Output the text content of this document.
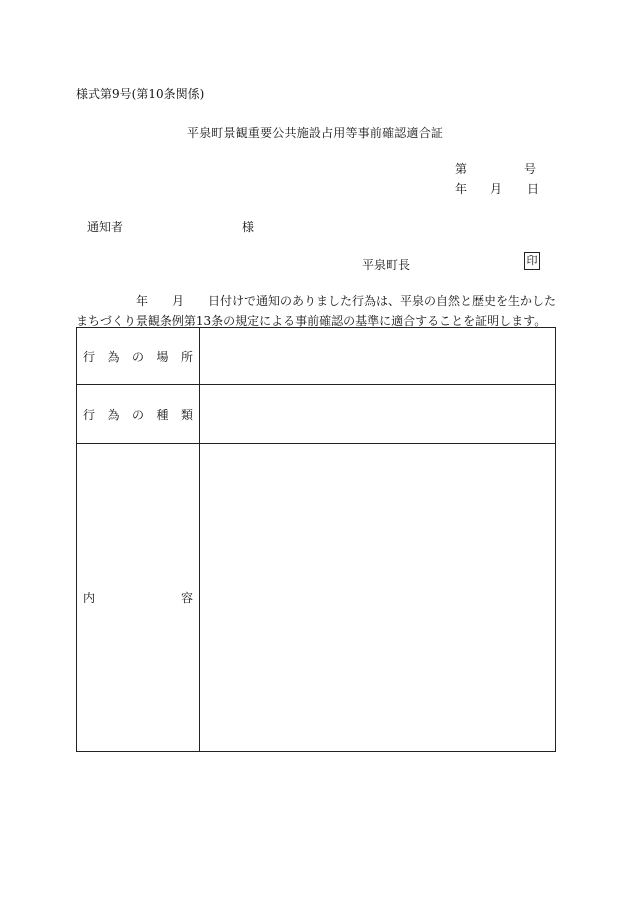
様式第9号(第10条関係)
平泉町景観重要公共施設占用等事前確認適合証
第	号
年 月 日
通知者	様
平泉町長	印
年 月 日付けで通知のありました行為は、平泉の自然と歴史を生かした
まちづくり景観条例第13条の規定による事前確認の基準に適合することを証明します。
行 為 の 場 所	

行 為 の 種 類	

内 容	
